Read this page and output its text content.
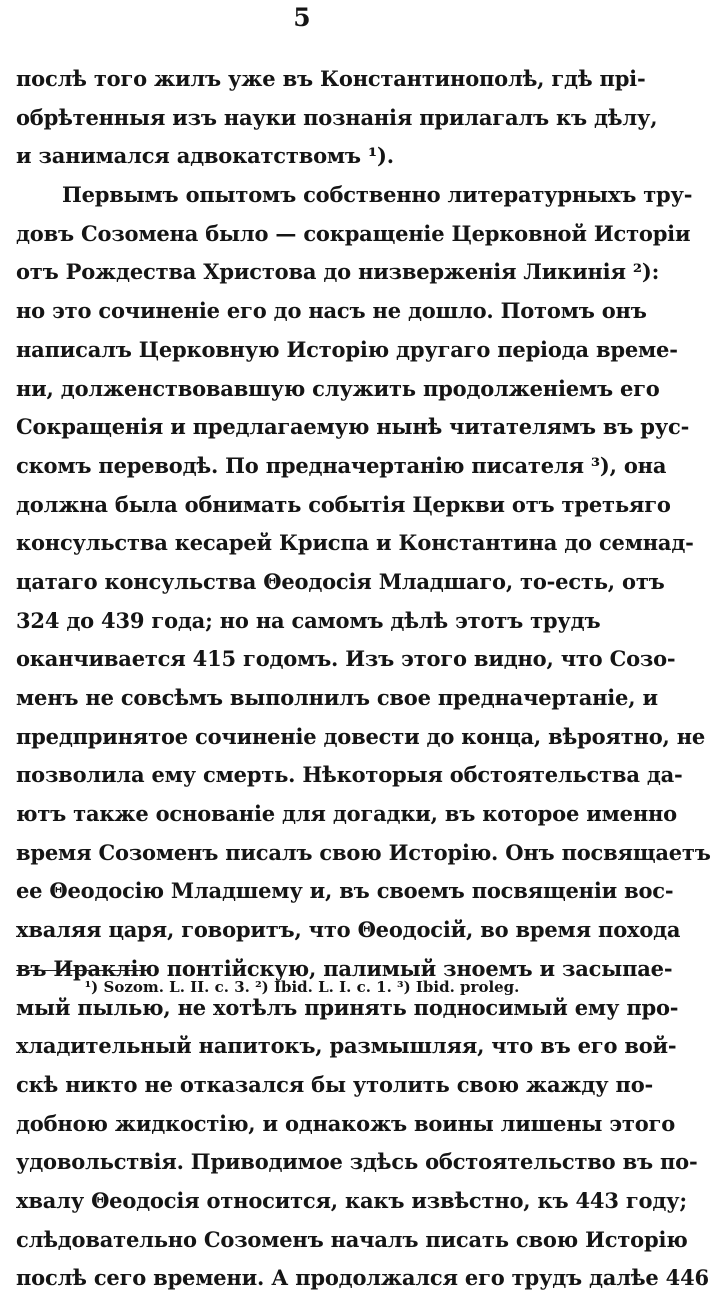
5
послѣ того жилъ уже въ Константинополѣ, гдѣ прі-
обрѣтенныя изъ науки познанія прилагалъ къ дѣлу,
и занимался адвокатствомъ ¹).
Первымъ опытомъ собственно литературныхъ тру-
довъ Созомена было — сокращеніе Церковной Исторіи
отъ Рождества Христова до низверженія Ликинія ²):
но это сочиненіе его до насъ не дошло. Потомъ онъ
написалъ Церковную Исторію другаго періода време-
ни, долженствовавшую служить продолженіемъ его
Сокращенія и предлагаемую нынѣ читателямъ въ рус-
скомъ переводѣ. По предначертанію писателя ³), она
должна была обнимать событія Церкви отъ третьяго
консульства кесарей Криспа и Константина до семнад-
цатаго консульства Θеодосія Младшаго, то-есть, отъ
324 до 439 года; но на самомъ дѣлѣ этотъ трудъ
оканчивается 415 годомъ. Изъ этого видно, что Созо-
менъ не совсѣмъ выполнилъ свое предначертаніе, и
предпринятое сочиненіе довести до конца, вѣроятно, не
позволила ему смерть. Нѣкоторыя обстоятельства да-
ютъ также основаніе для догадки, въ которое именно
время Созоменъ писалъ свою Исторію. Онъ посвящаетъ
ее Θеодосію Младшему и, въ своемъ посвященіи вос-
хваляя царя, говоритъ, что Θеодосій, во время похода
въ Ираклію понтійскую, палимый зноемъ и засыпае-
мый пылью, не хотѣлъ принять подносимый ему про-
хладительный напитокъ, размышляя, что въ его вой-
скѣ никто не отказался бы утолить свою жажду по-
добною жидкостію, и однакожъ воины лишены этого
удовольствія. Приводимое здѣсь обстоятельство въ по-
хвалу Θеодосія относится, какъ извѣстно, къ 443 году;
слѣдовательно Созоменъ началъ писать свою Исторію
послѣ сего времени. А продолжался его трудъ далѣе 446
¹) Sozom. L. II. c. 3. ²) Ibid. L. I. c. 1. ³) Ibid. proleg.
